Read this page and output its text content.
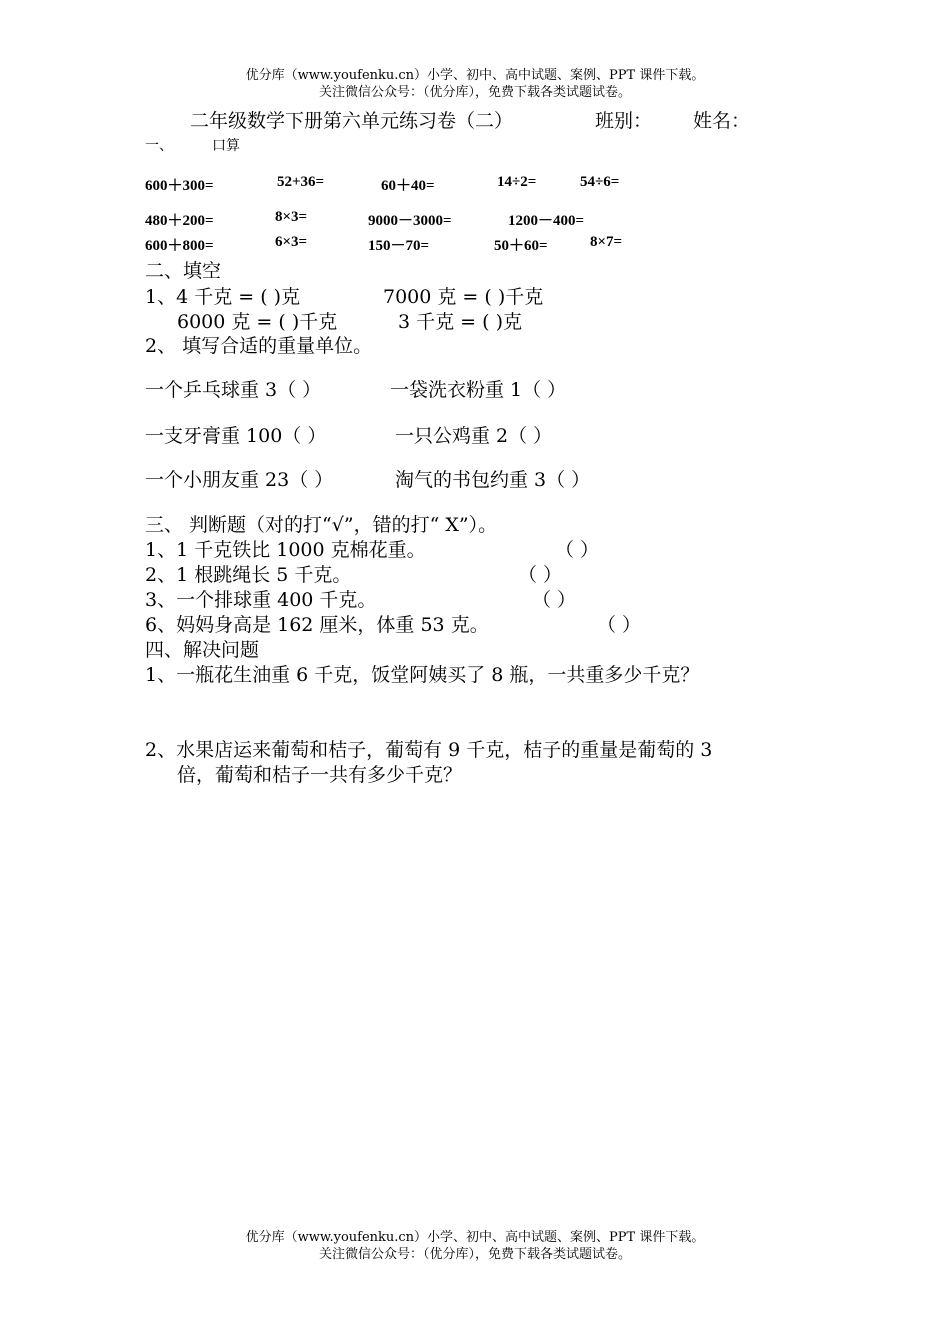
优分库（www.youfenku.cn）小学、初中、高中试题、案例、PPT 课件下载。
关注微信公众号：（优分库），免费下载各类试题试卷。
二年级数学下册第六单元练习卷（二）	班别： 姓名：
一、	口算
600＋300=	52+36=	60＋40=	14÷2=	54÷6=
480＋200=	8×3=	9000－3000=	1200－400=
600＋800=	6×3=	150－70=	50＋60=	8×7=
二、填空
1、4 千克 = ( )克	7000 克 = ( )千克
6000 克 = ( )千克	3 千克 = ( )克
2、 填写合适的重量单位。
一个乒乓球重 3（ ）	一袋洗衣粉重 1（ ）
一支牙膏重 100（ ）	一只公鸡重 2（ ）
一个小朋友重 23（ ）	淘气的书包约重 3（ ）
三、 判断题（对的打“√”，错的打“ X”）。
1、1 千克铁比 1000 克棉花重。	（ ）
2、1 根跳绳长 5 千克。	（ ）
3、一个排球重 400 千克。	（ ）
6、妈妈身高是 162 厘米，体重 53 克。	（ ）
四、解决问题
1、一瓶花生油重 6 千克，饭堂阿姨买了 8 瓶，一共重多少千克？
2、水果店运来葡萄和桔子，葡萄有 9 千克，桔子的重量是葡萄的 3
倍，葡萄和桔子一共有多少千克？
优分库（www.youfenku.cn）小学、初中、高中试题、案例、PPT 课件下载。
关注微信公众号：（优分库），免费下载各类试题试卷。
